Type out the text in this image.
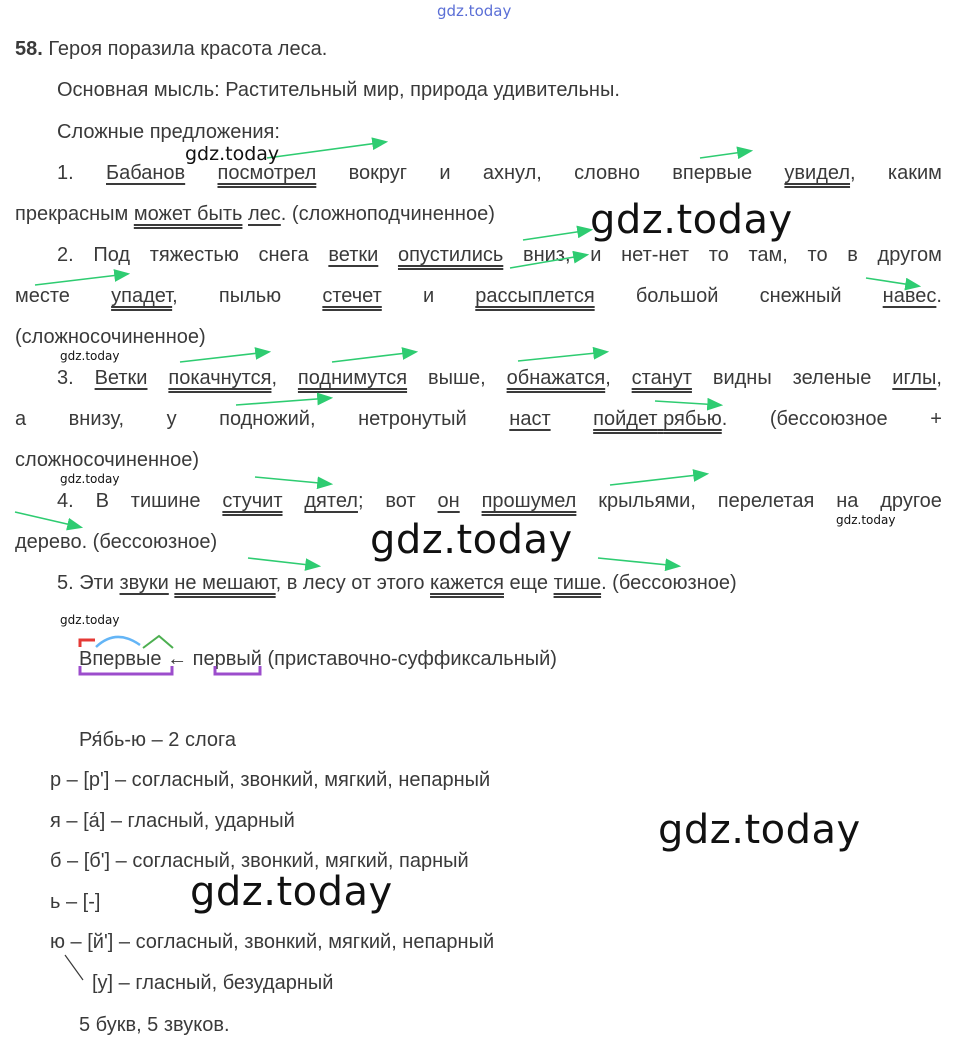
gdz.today
58. Героя поразила красота леса.
Основная мысль: Растительный мир, природа удивительны.
Сложные предложения:
1. Бабанов посмотрел вокруг и ахнул, словно впервые увидел, каким
прекрасным может быть лес. (сложноподчиненное)
2. Под тяжестью снега ветки опустились вниз, и нет-нет то там, то в другом
месте упадет, пылью стечет и рассыплется большой снежный навес.
(сложносочиненное)
3. Ветки покачнутся, поднимутся выше, обнажатся, станут видны зеленые иглы,
а внизу, у подножий, нетронутый наст пойдет рябью. (бессоюзное +
сложносочиненное)
4. В тишине стучит дятел; вот он прошумел крыльями, перелетая на другое
дерево. (бессоюзное)
5. Эти звуки не мешают, в лесу от этого кажется еще тише. (бессоюзное)
Впервые ← первый (приставочно-суффиксальный)
Ря́бь-ю – 2 слога
р – [р'] – согласный, звонкий, мягкий, непарный
я – [а́] – гласный, ударный
б – [б'] – согласный, звонкий, мягкий, парный
ь – [-]
ю – [й'] – согласный, звонкий, мягкий, непарный
[у] – гласный, безударный
5 букв, 5 звуков.
gdz.today
gdz.today
gdz.today
gdz.today
gdz.today
gdz.today
gdz.today
gdz.today
gdz.today
